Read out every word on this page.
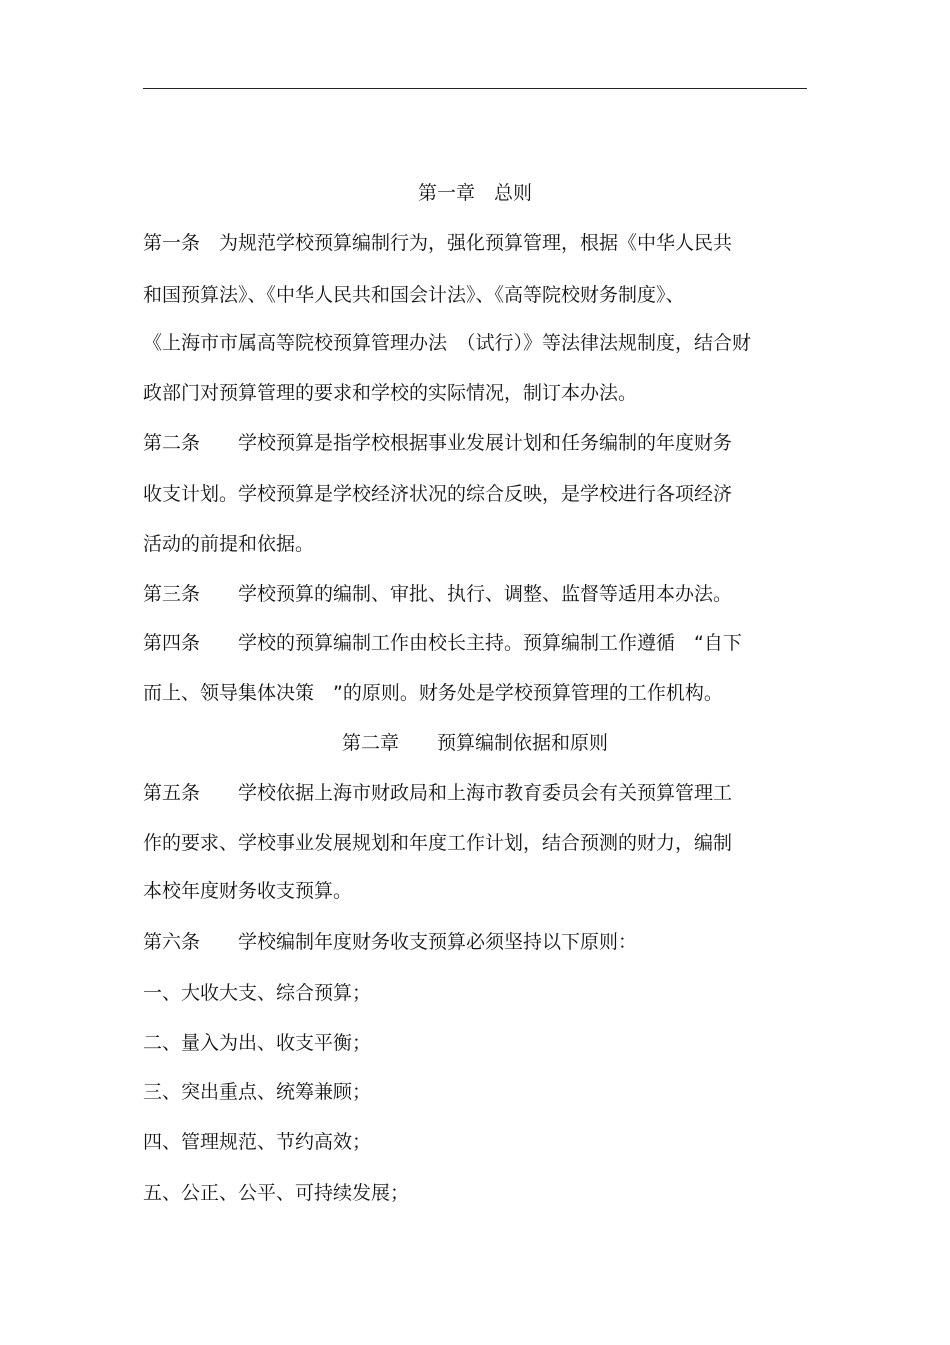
第一章　总则
第一条　为规范学校预算编制行为，强化预算管理，根据《中华人民共
和国预算法》、《中华人民共和国会计法》、《高等院校财务制度》、
《上海市市属高等院校预算管理办法　（试行）》等法律法规制度，结合财
政部门对预算管理的要求和学校的实际情况，制订本办法。
第二条　　学校预算是指学校根据事业发展计划和任务编制的年度财务
收支计划。学校预算是学校经济状况的综合反映，是学校进行各项经济
活动的前提和依据。
第三条　　学校预算的编制、审批、执行、调整、监督等适用本办法。
第四条　　学校的预算编制工作由校长主持。预算编制工作遵循　“自下
而上、领导集体决策　”的原则。财务处是学校预算管理的工作机构。
第二章　　预算编制依据和原则
第五条　　学校依据上海市财政局和上海市教育委员会有关预算管理工
作的要求、学校事业发展规划和年度工作计划，结合预测的财力，编制
本校年度财务收支预算。
第六条　　学校编制年度财务收支预算必须坚持以下原则：
一、大收大支、综合预算；
二、量入为出、收支平衡；
三、突出重点、统筹兼顾；
四、管理规范、节约高效；
五、公正、公平、可持续发展；
